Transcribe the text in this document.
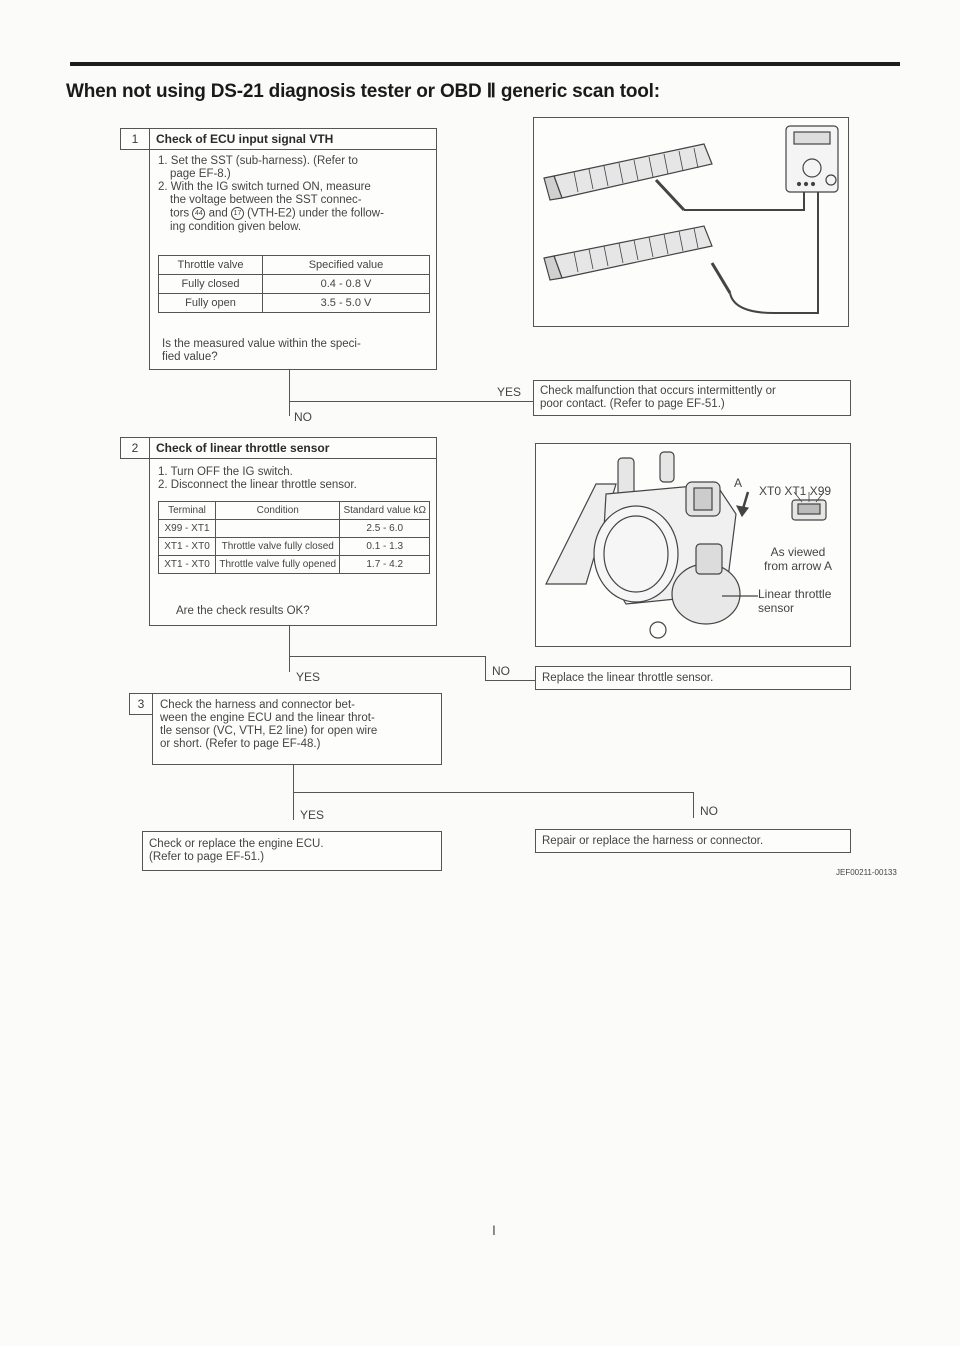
When not using DS-21 diagnosis tester or OBD Ⅱ generic scan tool:
1	Check of ECU input signal VTH
1. Set the SST (sub-harness). (Refer to
page EF-8.)
2. With the IG switch turned ON, measure
the voltage between the SST connec-
tors 44 and 17 (VTH-E2) under the follow-
ing condition given below.
Throttle valve	Specified value
Fully closed	0.4 - 0.8 V
Fully open	3.5 - 5.0 V
Is the measured value within the speci-
fied value?
YES Check malfunction that occurs intermittently or
poor contact. (Refer to page EF-51.)
NO
2	Check of linear throttle sensor
1. Turn OFF the IG switch.
2. Disconnect the linear throttle sensor.
Terminal	Condition	Standard value kΩ
X99 - XT1		2.5 - 6.0
XT1 - XT0	Throttle valve fully closed	0.1 - 1.3
XT1 - XT0	Throttle valve fully opened	1.7 - 4.2
Are the check results OK?
A
XT0 XT1 X99
As viewed
from arrow A
Linear throttle
sensor
YES	NO	Replace the linear throttle sensor.
3	Check the harness and connector bet-
ween the engine ECU and the linear throt-
tle sensor (VC, VTH, E2 line) for open wire
or short. (Refer to page EF-48.)
YES	NO
Check or replace the engine ECU.
(Refer to page EF-51.)
Repair or replace the harness or connector.
JEF00211-00133
I
